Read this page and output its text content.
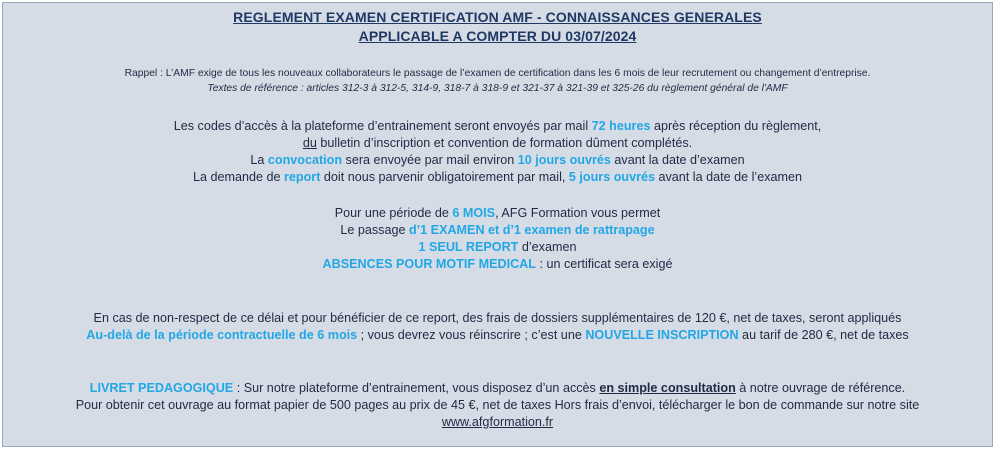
REGLEMENT EXAMEN CERTIFICATION AMF - CONNAISSANCES GENERALES
APPLICABLE A COMPTER DU 03/07/2024
Rappel : L’AMF exige de tous les nouveaux collaborateurs le passage de l’examen de certification dans les 6 mois de leur recrutement ou changement d’entreprise.
Textes de référence : articles 312-3 à 312-5, 314-9, 318-7 à 318-9 et 321-37 à 321-39 et 325-26 du règlement général de l'AMF
Les codes d’accès à la plateforme d’entrainement seront envoyés par mail 72 heures après réception du règlement,
du bulletin d’inscription et convention de formation dûment complétés.
La convocation sera envoyée par mail environ 10 jours ouvrés avant la date d’examen
La demande de report doit nous parvenir obligatoirement par mail, 5 jours ouvrés avant la date de l’examen
Pour une période de 6 MOIS, AFG Formation vous permet
Le passage d’1 EXAMEN et d’1 examen de rattrapage
1 SEUL REPORT d’examen
ABSENCES POUR MOTIF MEDICAL : un certificat sera exigé
En cas de non-respect de ce délai et pour bénéficier de ce report, des frais de dossiers supplémentaires de 120 €, net de taxes, seront appliqués
Au-delà de la période contractuelle de 6 mois ; vous devrez vous réinscrire ; c’est une NOUVELLE INSCRIPTION au tarif de 280 €, net de taxes
LIVRET PEDAGOGIQUE : Sur notre plateforme d’entrainement, vous disposez d’un accès en simple consultation à notre ouvrage de référence.
Pour obtenir cet ouvrage au format papier de 500 pages au prix de 45 €, net de taxes Hors frais d’envoi, télécharger le bon de commande sur notre site
www.afgformation.fr
